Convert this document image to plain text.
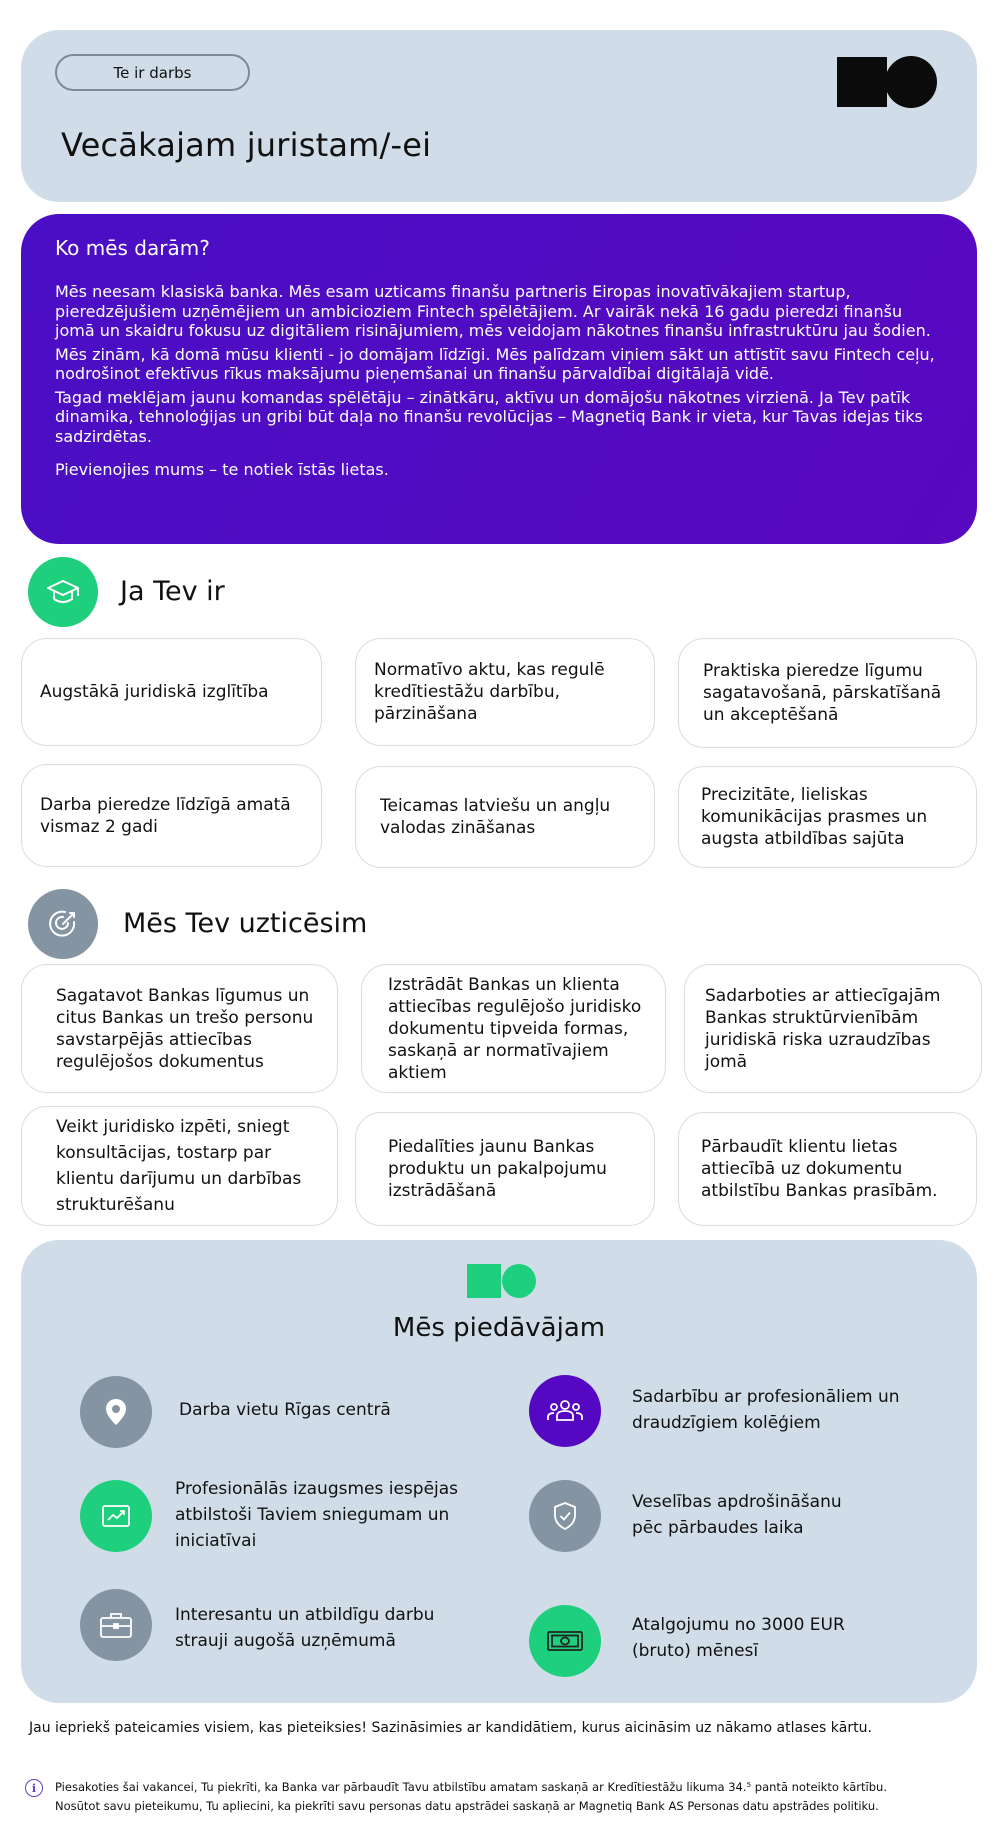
Te ir darbs
Vecākajam juristam/-ei
Ko mēs darām?

Mēs neesam klasiskā banka. Mēs esam uzticams finanšu partneris Eiropas inovatīvākajiem startup, pieredzējušiem uzņēmējiem un ambicioziem Fintech spēlētājiem. Ar vairāk nekā 16 gadu pieredzi finanšu jomā un skaidru fokusu uz digitāliem risinājumiem, mēs veidojam nākotnes finanšu infrastruktūru jau šodien.

Mēs zinām, kā domā mūsu klienti - jo domājam līdzīgi. Mēs palīdzam viņiem sākt un attīstīt savu Fintech ceļu, nodrošinot efektīvus rīkus maksājumu pieņemšanai un finanšu pārvaldībai digitālajā vidē.

Tagad meklējam jaunu komandas spēlētāju – zinātkāru, aktīvu un domājošu nākotnes virzienā. Ja Tev patīk dinamika, tehnoloģijas un gribi būt daļa no finanšu revolūcijas – Magnetiq Bank ir vieta, kur Tavas idejas tiks sadzirdētas.

Pievienojies mums – te notiek īstās lietas.

Ja Tev ir
Augstākā juridiskā izglītība
Normatīvo aktu, kas regulē kredītiestāžu darbību, pārzināšana
Praktiska pieredze līgumu sagatavošanā, pārskatīšanā un akceptēšanā
Darba pieredze līdzīgā amatā vismaz 2 gadi
Teicamas latviešu un angļu valodas zināšanas
Precizitāte, lieliskas komunikācijas prasmes un augsta atbildības sajūta
Mēs Tev uzticēsim
Sagatavot Bankas līgumus un citus Bankas un trešo personu savstarpējās attiecības regulējošos dokumentus
Izstrādāt Bankas un klienta attiecības regulējošo juridisko dokumentu tipveida formas, saskaņā ar normatīvajiem aktiem
Sadarboties ar attiecīgajām Bankas struktūrvienībām juridiskā riska uzraudzības jomā
Veikt juridisko izpēti, sniegt konsultācijas, tostarp par klientu darījumu un darbības strukturēšanu
Piedalīties jaunu Bankas produktu un pakalpojumu izstrādāšanā
Pārbaudīt klientu lietas attiecībā uz dokumentu atbilstību Bankas prasībām.
Mēs piedāvājam
Darba vietu Rīgas centrā
Sadarbību ar profesionāliem un draudzīgiem kolēģiem
Profesionālās izaugsmes iespējas atbilstoši Taviem sniegumam un iniciatīvai
Veselības apdrošināšanu pēc pārbaudes laika
Interesantu un atbildīgu darbu strauji augošā uzņēmumā
Atalgojumu no 3000 EUR (bruto) mēnesī
Jau iepriekš pateicamies visiem, kas pieteiksies! Sazināsimies ar kandidātiem, kurus aicināsim uz nākamo atlases kārtu.
i	Piesakoties šai vakancei, Tu piekrīti, ka Banka var pārbaudīt Tavu atbilstību amatam saskaņā ar Kredītiestāžu likuma 34.⁵ pantā noteikto kārtību.
Nosūtot savu pieteikumu, Tu apliecini, ka piekrīti savu personas datu apstrādei saskaņā ar Magnetiq Bank AS Personas datu apstrādes politiku.
